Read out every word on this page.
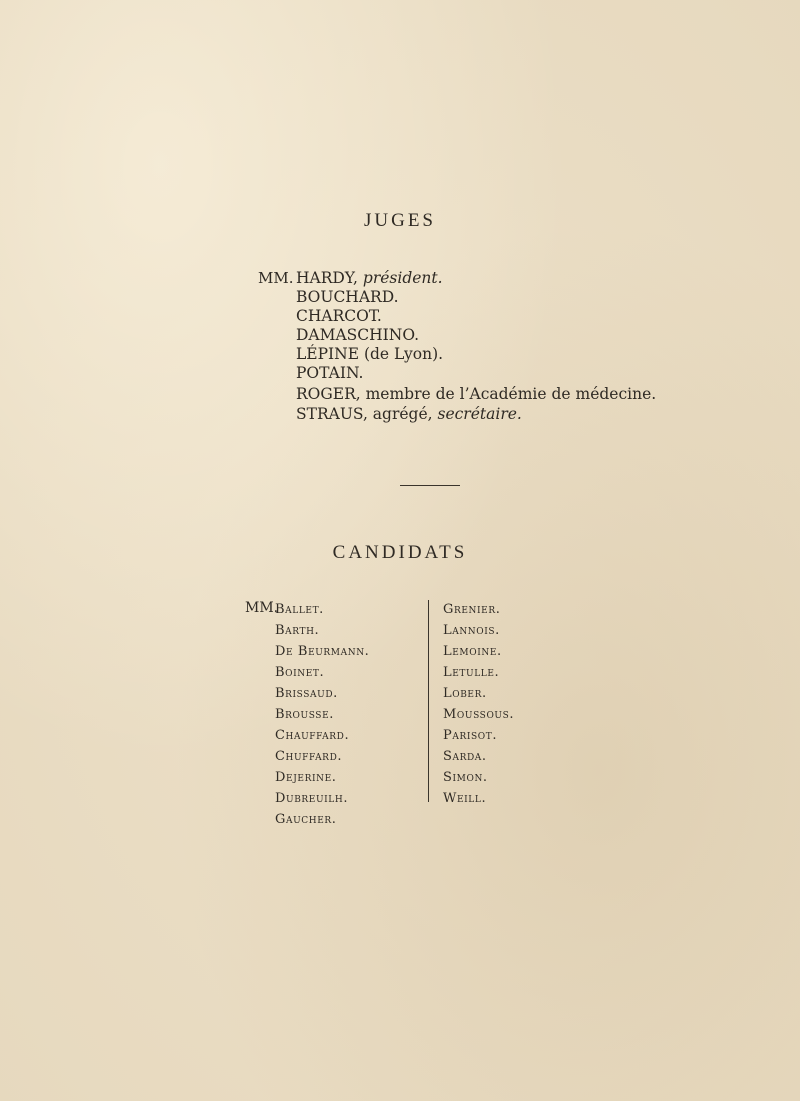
JUGES
MM. HARDY, président.
BOUCHARD.
CHARCOT.
DAMASCHINO.
LÉPINE (de Lyon).
POTAIN.
ROGER, membre de l’Académie de médecine.
STRAUS, agrégé, secrétaire.
CANDIDATS
MM.
Ballet.
Barth.
De Beurmann.
Boinet.
Brissaud.
Brousse.
Chauffard.
Chuffard.
Dejerine.
Dubreuilh.
Gaucher.
Grenier.
Lannois.
Lemoine.
Letulle.
Lober.
Moussous.
Parisot.
Sarda.
Simon.
Weill.
